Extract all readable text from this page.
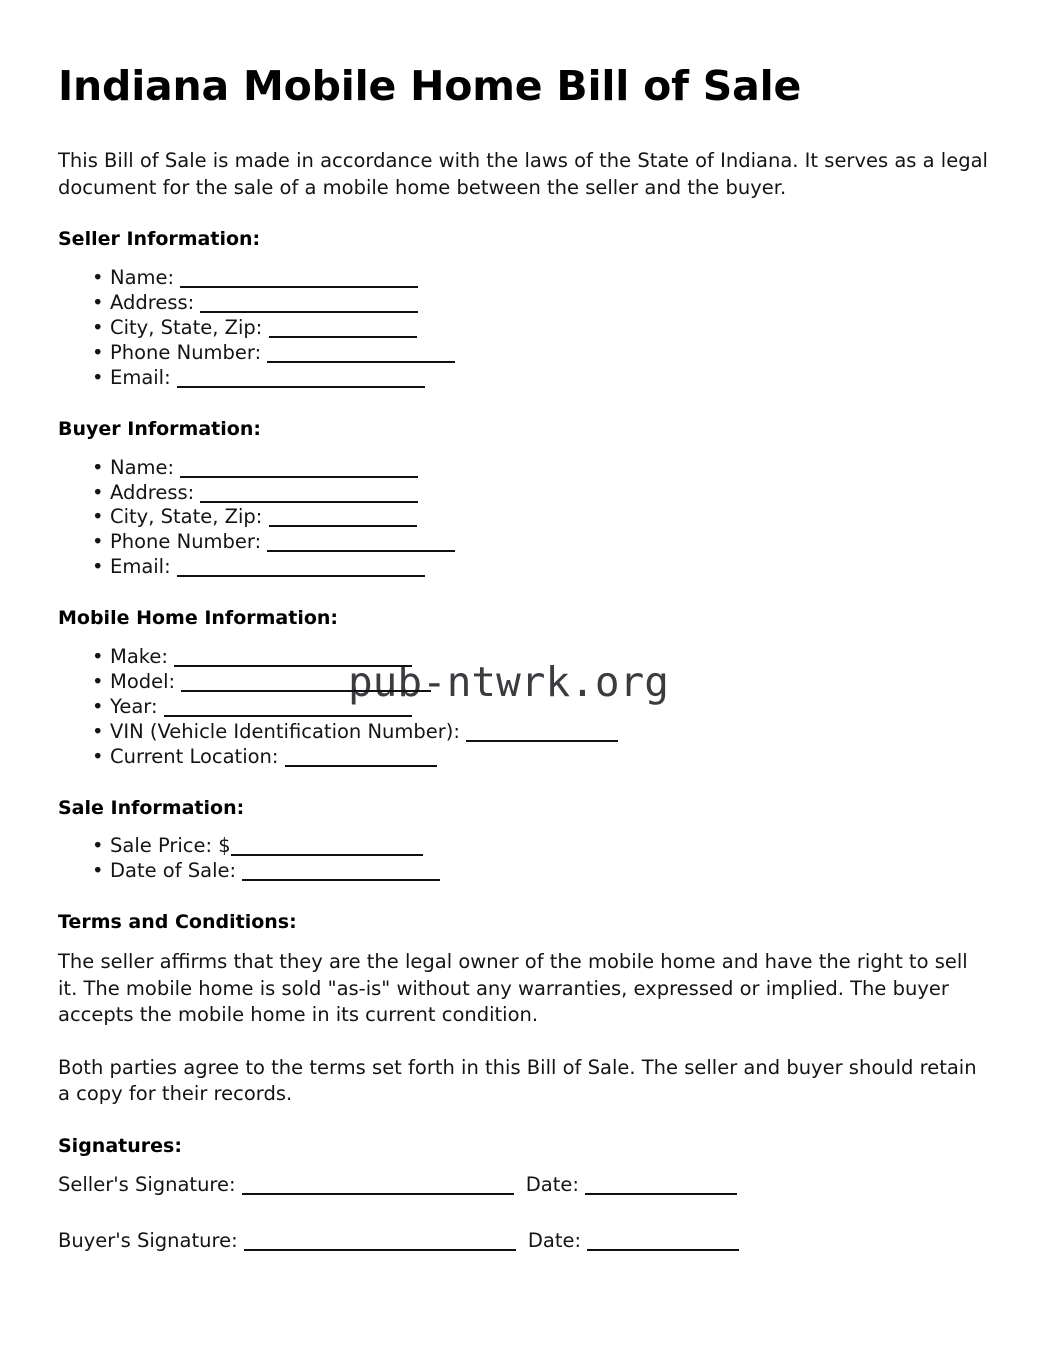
pub-ntwrk.org
Indiana Mobile Home Bill of Sale

This Bill of Sale is made in accordance with the laws of the State of Indiana. It serves as a legal document for the sale of a mobile home between the seller and the buyer.

Seller Information:
• Name:
• Address:
• City, State, Zip:
• Phone Number:
• Email:
Buyer Information:
• Name:
• Address:
• City, State, Zip:
• Phone Number:
• Email:
Mobile Home Information:
• Make:
• Model:
• Year:
• VIN (Vehicle Identification Number):
• Current Location:
Sale Information:
• Sale Price: $
• Date of Sale:
Terms and Conditions:

The seller affirms that they are the legal owner of the mobile home and have the right to sell it. The mobile home is sold "as-is" without any warranties, expressed or implied. The buyer accepts the mobile home in its current condition.

Both parties agree to the terms set forth in this Bill of Sale. The seller and buyer should retain a copy for their records.

Signatures:
Seller's Signature:	Date:
Buyer's Signature:	Date:
